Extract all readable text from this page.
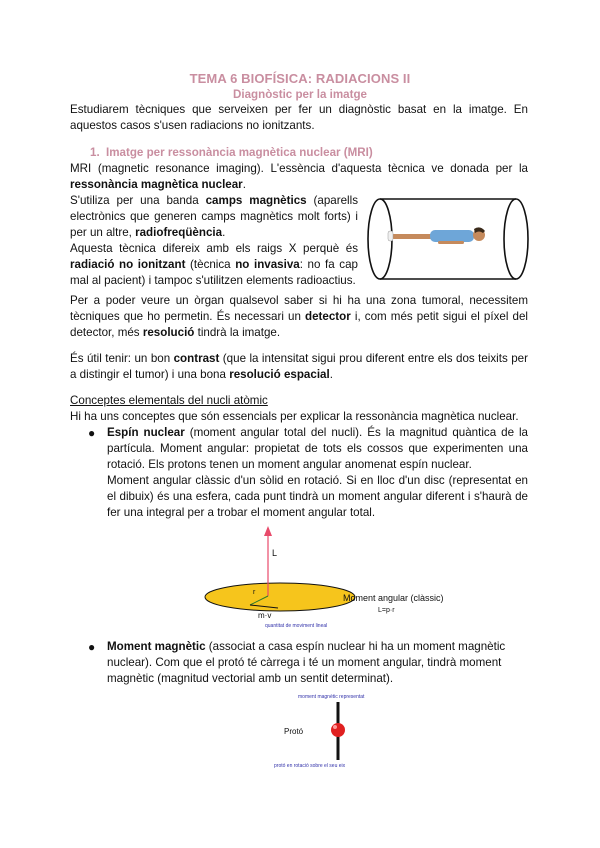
TEMA 6 BIOFÍSICA: RADIACIONS II
Diagnòstic per la imatge
Estudiarem tècniques que serveixen per fer un diagnòstic basat en la imatge. En aquestos casos s'usen radiacions no ionitzants.
1. Imatge per ressonància magnètica nuclear (MRI)
MRI (magnetic resonance imaging). L'essència d'aquesta tècnica ve donada per la ressonància magnètica nuclear.
S'utiliza per una banda camps magnètics (aparells electrònics que generen camps magnètics molt forts) i per un altre, radiofreqüència.
Aquesta tècnica difereix amb els raigs X perquè és radiació no ionitzant (tècnica no invasiva: no fa cap mal al pacient) i tampoc s'utilitzen elements radioactius.
Per a poder veure un òrgan qualsevol saber si hi ha una zona tumoral, necessitem tècniques que ho permetin. És necessari un detector i, com més petit sigui el píxel del detector, més resolució tindrà la imatge.
És útil tenir: un bon contrast (que la intensitat sigui prou diferent entre els dos teixits per a distingir el tumor) i una bona resolució espacial.
Conceptes elementals del nucli atòmic
Hi ha uns conceptes que són essencials per explicar la ressonància magnètica nuclear.
● Espín nuclear (moment angular total del nucli). És la magnitud quàntica de la partícula. Moment angular: propietat de tots els cossos que experimenten una rotació. Els protons tenen un moment angular anomenat espín nuclear.
Moment angular clàssic d'un sòlid en rotació. Si en lloc d'un disc (representat en el dibuix) és una esfera, cada punt tindrà un moment angular diferent i s'haurà de fer una integral per a trobar el moment angular total.
L
r
m·v
Moment angular (clàssic)
L=p·r
quantitat de moviment lineal
● Moment magnètic (associat a casa espín nuclear hi ha un moment magnètic nuclear). Com que el protó té càrrega i té un moment angular, tindrà moment magnètic (magnitud vectorial amb un sentit determinat).
moment magnètic representat
Protó
protó en rotació sobre el seu eix
